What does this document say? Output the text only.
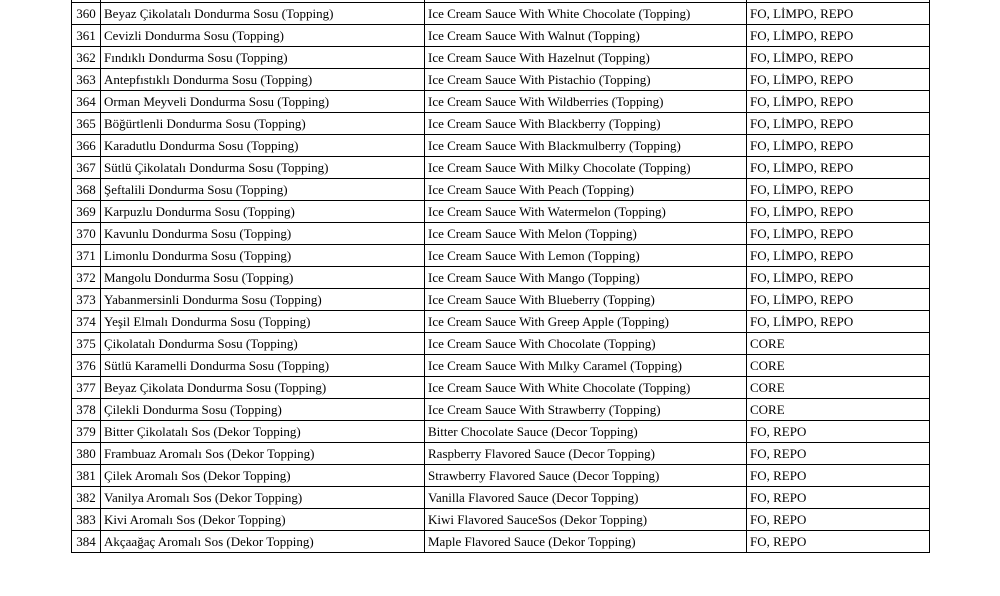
360	Beyaz Çikolatalı Dondurma Sosu (Topping)	Ice Cream Sauce With White Chocolate (Topping)	FO, LİMPO, REPO
361	Cevizli Dondurma Sosu (Topping)	Ice Cream Sauce With Walnut (Topping)	FO, LİMPO, REPO
362	Fındıklı Dondurma Sosu (Topping)	Ice Cream Sauce With Hazelnut (Topping)	FO, LİMPO, REPO
363	Antepfıstıklı Dondurma Sosu (Topping)	Ice Cream Sauce With Pistachio (Topping)	FO, LİMPO, REPO
364	Orman Meyveli Dondurma Sosu (Topping)	Ice Cream Sauce With Wildberries (Topping)	FO, LİMPO, REPO
365	Böğürtlenli Dondurma Sosu (Topping)	Ice Cream Sauce With Blackberry (Topping)	FO, LİMPO, REPO
366	Karadutlu Dondurma Sosu (Topping)	Ice Cream Sauce With Blackmulberry (Topping)	FO, LİMPO, REPO
367	Sütlü Çikolatalı Dondurma Sosu (Topping)	Ice Cream Sauce With Milky Chocolate (Topping)	FO, LİMPO, REPO
368	Şeftalili Dondurma Sosu (Topping)	Ice Cream Sauce With Peach (Topping)	FO, LİMPO, REPO
369	Karpuzlu Dondurma Sosu (Topping)	Ice Cream Sauce With Watermelon (Topping)	FO, LİMPO, REPO
370	Kavunlu Dondurma Sosu (Topping)	Ice Cream Sauce With Melon (Topping)	FO, LİMPO, REPO
371	Limonlu Dondurma Sosu (Topping)	Ice Cream Sauce With Lemon (Topping)	FO, LİMPO, REPO
372	Mangolu Dondurma Sosu (Topping)	Ice Cream Sauce With Mango (Topping)	FO, LİMPO, REPO
373	Yabanmersinli Dondurma Sosu (Topping)	Ice Cream Sauce With Blueberry (Topping)	FO, LİMPO, REPO
374	Yeşil Elmalı Dondurma Sosu (Topping)	Ice Cream Sauce With Greep Apple (Topping)	FO, LİMPO, REPO
375	Çikolatalı Dondurma Sosu (Topping)	Ice Cream Sauce With Chocolate (Topping)	CORE
376	Sütlü Karamelli Dondurma Sosu (Topping)	Ice Cream Sauce With Mılky Caramel (Topping)	CORE
377	Beyaz Çikolata Dondurma Sosu (Topping)	Ice Cream Sauce With White Chocolate (Topping)	CORE
378	Çilekli Dondurma Sosu (Topping)	Ice Cream Sauce With Strawberry (Topping)	CORE
379	Bitter Çikolatalı Sos (Dekor Topping)	Bitter Chocolate Sauce (Decor Topping)	FO, REPO
380	Frambuaz Aromalı Sos (Dekor Topping)	Raspberry Flavored Sauce (Decor Topping)	FO, REPO
381	Çilek Aromalı Sos (Dekor Topping)	Strawberry Flavored Sauce (Decor Topping)	FO, REPO
382	Vanilya Aromalı Sos (Dekor Topping)	Vanilla Flavored Sauce (Decor Topping)	FO, REPO
383	Kivi Aromalı Sos (Dekor Topping)	Kiwi Flavored SauceSos (Dekor Topping)	FO, REPO
384	Akçaağaç Aromalı Sos (Dekor Topping)	Maple Flavored Sauce (Dekor Topping)	FO, REPO
